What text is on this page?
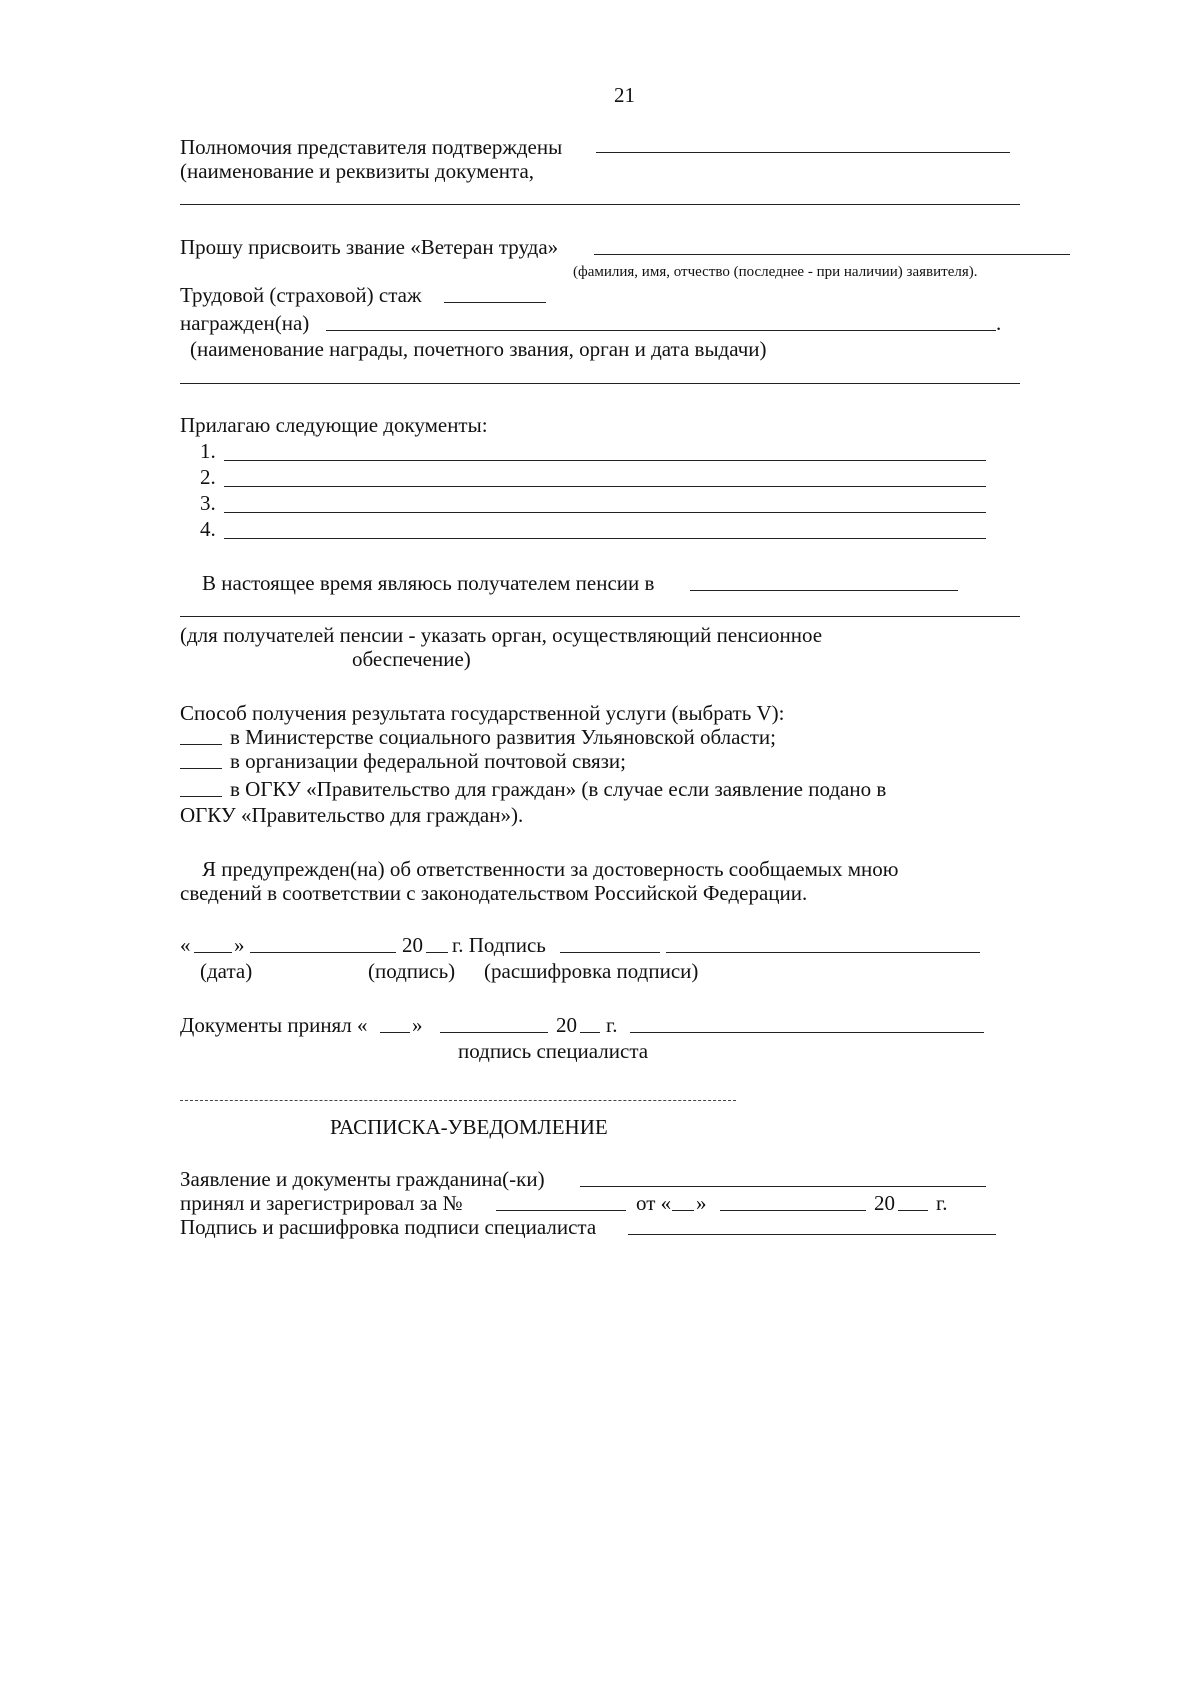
21
Полномочия представителя подтверждены
(наименование и реквизиты документа,
Прошу присвоить звание «Ветеран труда»
(фамилия, имя, отчество (последнее - при наличии) заявителя).
Трудовой (страховой) стаж
награжден(на)	.
(наименование награды, почетного звания, орган и дата выдачи)
Прилагаю следующие документы:
1.
2.
3.
4.
В настоящее время являюсь получателем пенсии в
(для получателей пенсии - указать орган, осуществляющий пенсионное
обеспечение)
Способ получения результата государственной услуги (выбрать V):
в Министерстве социального развития Ульяновской области;
в организации федеральной почтовой связи;
в ОГКУ «Правительство для граждан» (в случае если заявление подано в
ОГКУ «Правительство для граждан»).
Я предупрежден(на) об ответственности за достоверность сообщаемых мною
сведений в соответствии с законодательством Российской Федерации.
« »	20 г. Подпись
(дата)	(подпись) (расшифровка подписи)
Документы принял « »	20 г.
подпись специалиста
РАСПИСКА-УВЕДОМЛЕНИЕ
Заявление и документы гражданина(-ки)
принял и зарегистрировал за №	от « »	20 г.
Подпись и расшифровка подписи специалиста
